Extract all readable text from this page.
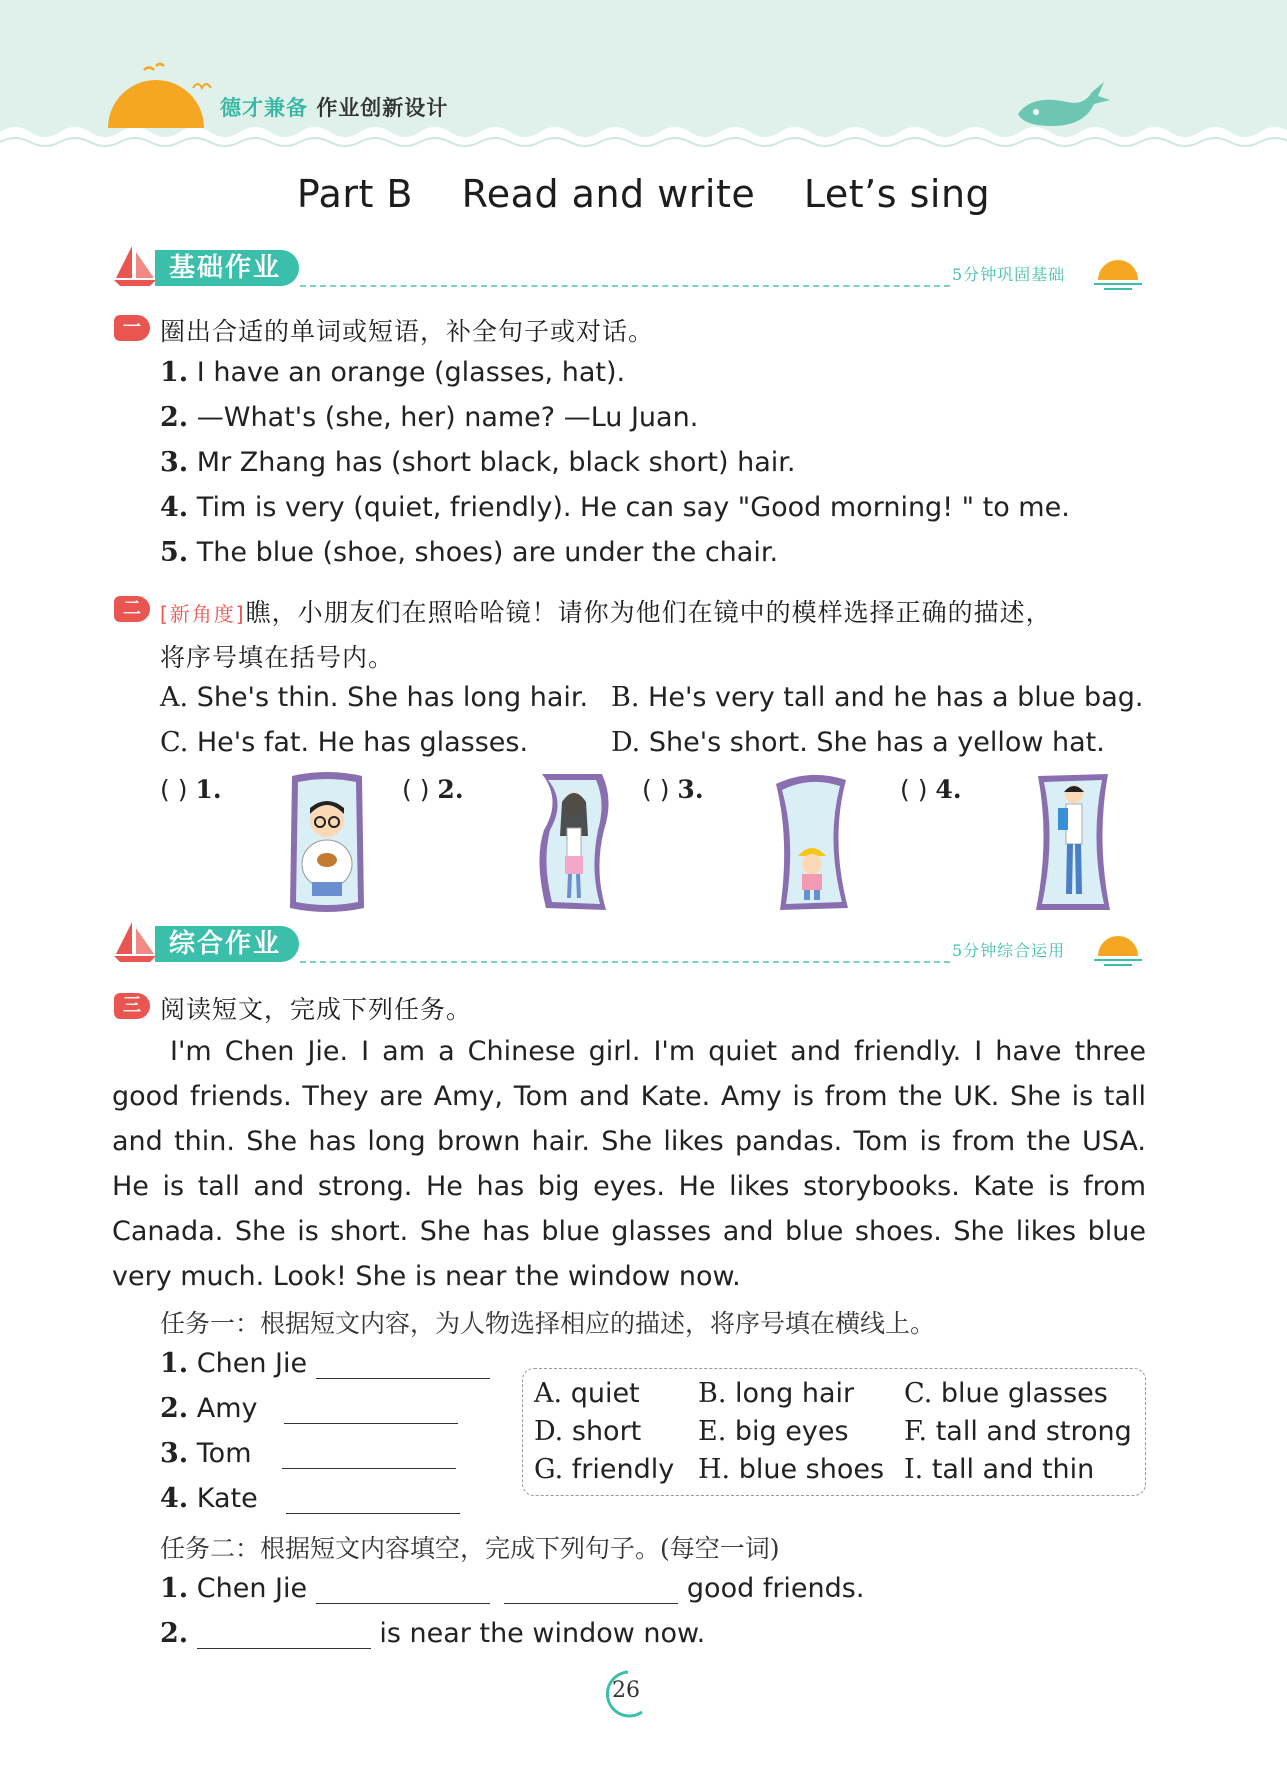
德才兼备 作业创新设计
Part B Read and write Let’s sing
基础作业	5分钟巩固基础
一 圈出合适的单词或短语，补全句子或对话。
1. I have an orange (glasses, hat).
2. —What's (she, her) name? —Lu Juan.
3. Mr Zhang has (short black, black short) hair.
4. Tim is very (quiet, friendly). He can say "Good morning! " to me.
5. The blue (shoe, shoes) are under the chair.
二 [新角度]瞧，小朋友们在照哈哈镜！请你为他们在镜中的模样选择正确的描述，
将序号填在括号内。
A. She's thin. She has long hair. B. He's very tall and he has a blue bag.
C. He's fat. He has glasses.	D. She's short. She has a yellow hat.
( ) 1.	( ) 2.	( ) 3.	( ) 4.
综合作业	5分钟综合运用
三 阅读短文，完成下列任务。
I'm Chen Jie. I am a Chinese girl. I'm quiet and friendly. I have three good friends. They are Amy, Tom and Kate. Amy is from the UK. She is tall and thin. She has long brown hair. She likes pandas. Tom is from the USA. He is tall and strong. He has big eyes. He likes storybooks. Kate is from Canada. She is short. She has blue glasses and blue shoes. She likes blue very much. Look! She is near the window now.
任务一：根据短文内容，为人物选择相应的描述，将序号填在横线上。
1. Chen Jie
2. Amy
3. Tom
4. Kate
A. quiet B. long hair C. blue glasses
D. short E. big eyes F. tall and strong
G. friendly H. blue shoes I. tall and thin
任务二：根据短文内容填空，完成下列句子。(每空一词)
1. Chen Jie	good friends.
2.	is near the window now.
26
